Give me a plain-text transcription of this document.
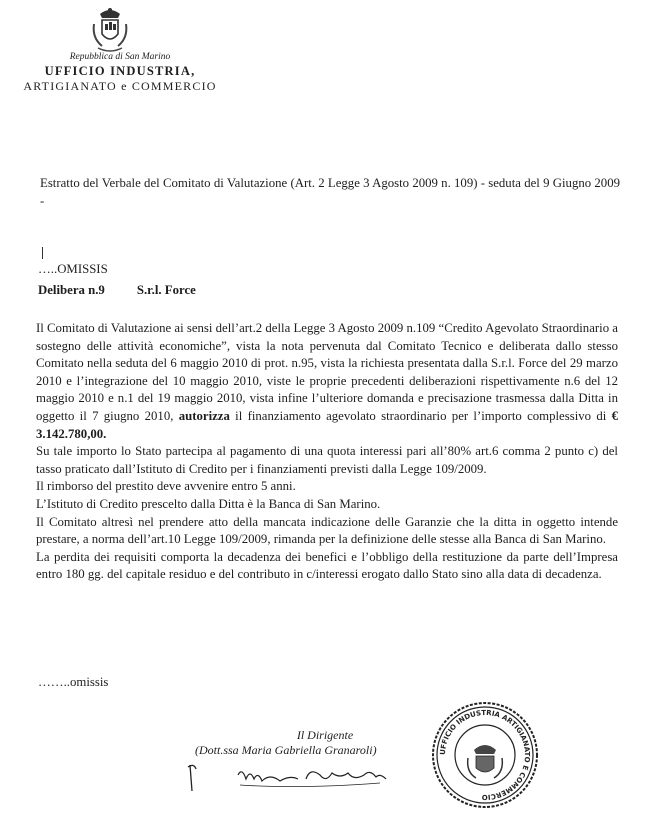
Repubblica di San Marino
UFFICIO INDUSTRIA,
ARTIGIANATO e COMMERCIO
Estratto del Verbale del Comitato di Valutazione (Art. 2 Legge 3 Agosto 2009 n. 109) - seduta del 9 Giugno 2009 -
…..OMISSIS
Delibera n.9	S.r.l. Force

Il Comitato di Valutazione ai sensi dell’art.2 della Legge 3 Agosto 2009 n.109 “Credito Agevolato Straordinario a sostegno delle attività economiche”, vista la nota pervenuta dal Comitato Tecnico e deliberata dallo stesso Comitato nella seduta del 6 maggio 2010 di prot. n.95, vista la richiesta presentata dalla S.r.l. Force del 29 marzo 2010 e l’integrazione del 10 maggio 2010, viste le proprie precedenti deliberazioni rispettivamente n.6 del 12 maggio 2010 e n.1 del 19 maggio 2010, vista infine l’ulteriore domanda e precisazione trasmessa dalla Ditta in oggetto il 7 giugno 2010, autorizza il finanziamento agevolato straordinario per l’importo complessivo di € 3.142.780,00.

Su tale importo lo Stato partecipa al pagamento di una quota interessi pari all’80% art.6 comma 2 punto c) del tasso praticato dall’Istituto di Credito per i finanziamenti previsti dalla Legge 109/2009.

Il rimborso del prestito deve avvenire entro 5 anni.

L’Istituto di Credito prescelto dalla Ditta è la Banca di San Marino.

Il Comitato altresì nel prendere atto della mancata indicazione delle Garanzie che la ditta in oggetto intende prestare, a norma dell’art.10 Legge 109/2009, rimanda per la definizione delle stesse alla Banca di San Marino.

La perdita dei requisiti comporta la decadenza dei benefici e l’obbligo della restituzione da parte dell’Impresa entro 180 gg. del capitale residuo e del contributo in c/interessi erogato dallo Stato sino alla data di decadenza.

……..omissis
Il Dirigente
(Dott.ssa Maria Gabriella Granaroli)	UFFICIO INDUSTRIA ARTIGIANATO E COMMERCIO
